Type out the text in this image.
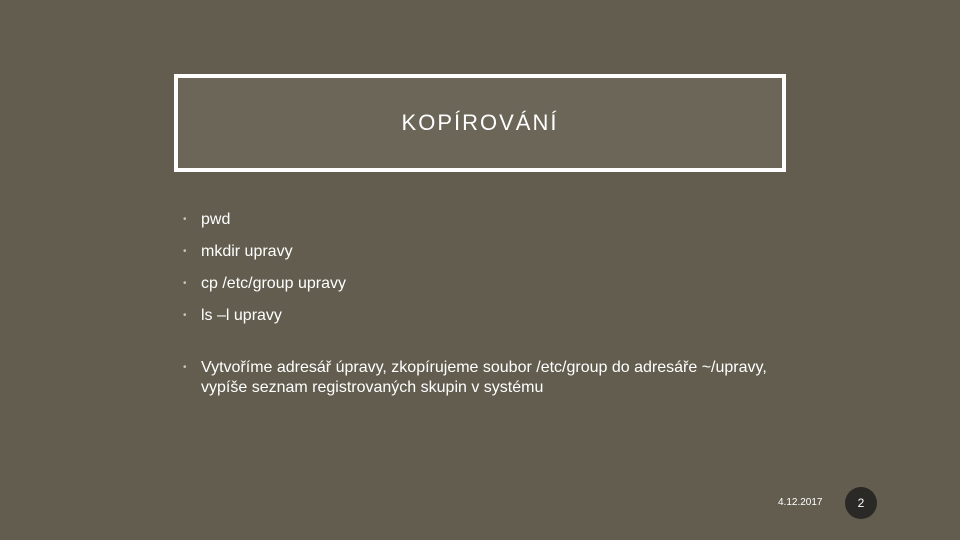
KOPÍROVÁNÍ
• pwd
• mkdir upravy
• cp /etc/group upravy
• ls –l upravy
• Vytvoříme adresář úpravy, zkopírujeme soubor /etc/group do adresáře ~/upravy, vypíše seznam registrovaných skupin v systému
4.12.2017	2
